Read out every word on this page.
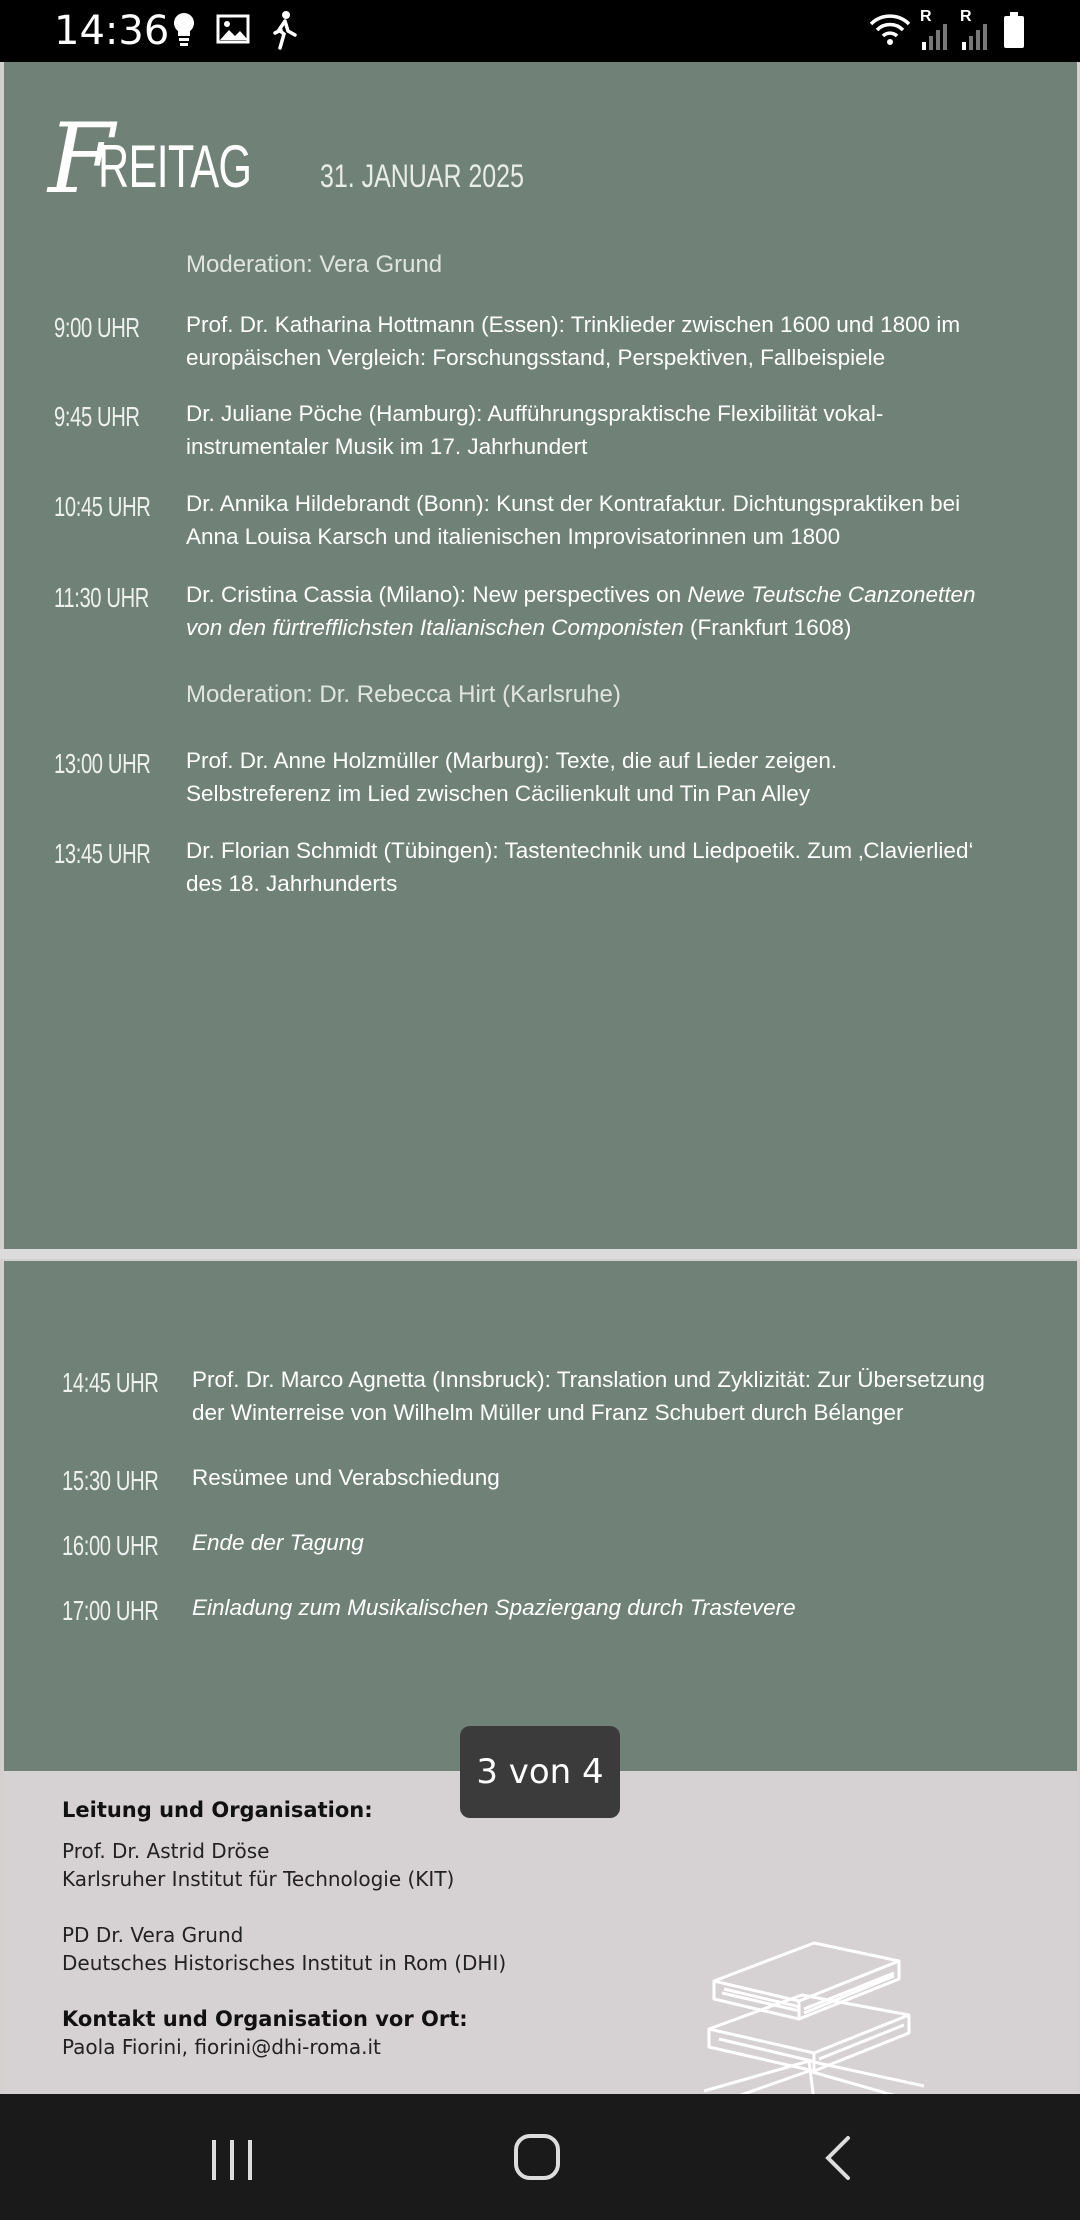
14:36	R R
F
REITAG 31. JANUAR 2025
Moderation: Vera Grund
9:00 UHR Prof. Dr. Katharina Hottmann (Essen): Trinklieder zwischen 1600 und 1800 im
europäischen Vergleich: Forschungsstand, Perspektiven, Fallbeispiele
9:45 UHR Dr. Juliane Pöche (Hamburg): Aufführungspraktische Flexibilität vokal-
instrumentaler Musik im 17. Jahrhundert
10:45 UHR Dr. Annika Hildebrandt (Bonn): Kunst der Kontrafaktur. Dichtungspraktiken bei
Anna Louisa Karsch und italienischen Improvisatorinnen um 1800
11:30 UHR Dr. Cristina Cassia (Milano): New perspectives on Newe Teutsche Canzonetten
von den fürtrefflichsten Italianischen Componisten (Frankfurt 1608)
Moderation: Dr. Rebecca Hirt (Karlsruhe)
13:00 UHR Prof. Dr. Anne Holzmüller (Marburg): Texte, die auf Lieder zeigen.
Selbstreferenz im Lied zwischen Cäcilienkult und Tin Pan Alley
13:45 UHR Dr. Florian Schmidt (Tübingen): Tastentechnik und Liedpoetik. Zum ‚Clavierlied‘
des 18. Jahrhunderts
14:45 UHR Prof. Dr. Marco Agnetta (Innsbruck): Translation und Zyklizität: Zur Übersetzung
der Winterreise von Wilhelm Müller und Franz Schubert durch Bélanger
15:30 UHR Resümee und Verabschiedung
16:00 UHR Ende der Tagung
17:00 UHR Einladung zum Musikalischen Spaziergang durch Trastevere
Leitung und Organisation:
Prof. Dr. Astrid Dröse
Karlsruher Institut für Technologie (KIT)
PD Dr. Vera Grund
Deutsches Historisches Institut in Rom (DHI)
Kontakt und Organisation vor Ort:
Paola Fiorini, fiorini@dhi-roma.it
3 von 4
